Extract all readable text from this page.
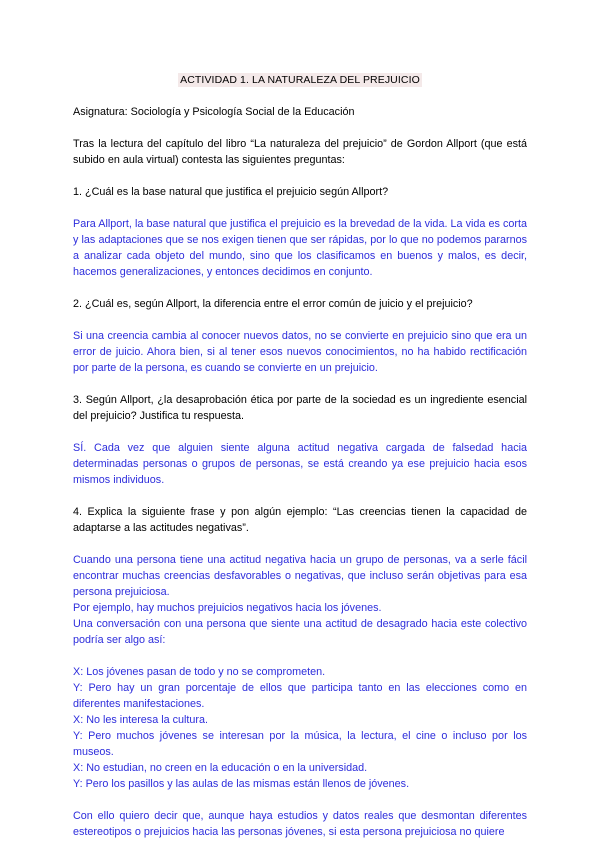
ACTIVIDAD 1. LA NATURALEZA DEL PREJUICIO

Asignatura: Sociología y Psicología Social de la Educación

Tras la lectura del capítulo del libro “La naturaleza del prejuicio” de Gordon Allport (que está subido en aula virtual) contesta las siguientes preguntas:

1. ¿Cuál es la base natural que justifica el prejuicio según Allport?

Para Allport, la base natural que justifica el prejuicio es la brevedad de la vida. La vida es corta y las adaptaciones que se nos exigen tienen que ser rápidas, por lo que no podemos pararnos a analizar cada objeto del mundo, sino que los clasificamos en buenos y malos, es decir, hacemos generalizaciones, y entonces decidimos en conjunto.

2. ¿Cuál es, según Allport, la diferencia entre el error común de juicio y el prejuicio?

Si una creencia cambia al conocer nuevos datos, no se convierte en prejuicio sino que era un error de juicio. Ahora bien, si al tener esos nuevos conocimientos, no ha habido rectificación por parte de la persona, es cuando se convierte en un prejuicio.

3. Según Allport, ¿la desaprobación ética por parte de la sociedad es un ingrediente esencial del prejuicio? Justifica tu respuesta.

SÍ. Cada vez que alguien siente alguna actitud negativa cargada de falsedad hacia determinadas personas o grupos de personas, se está creando ya ese prejuicio hacia esos mismos individuos.

4. Explica la siguiente frase y pon algún ejemplo: “Las creencias tienen la capacidad de adaptarse a las actitudes negativas”.

Cuando una persona tiene una actitud negativa hacia un grupo de personas, va a serle fácil encontrar muchas creencias desfavorables o negativas, que incluso serán objetivas para esa persona prejuiciosa.

Por ejemplo, hay muchos prejuicios negativos hacia los jóvenes.

Una conversación con una persona que siente una actitud de desagrado hacia este colectivo podría ser algo así:

X: Los jóvenes pasan de todo y no se comprometen.

Y: Pero hay un gran porcentaje de ellos que participa tanto en las elecciones como en diferentes manifestaciones.

X: No les interesa la cultura.

Y: Pero muchos jóvenes se interesan por la música, la lectura, el cine o incluso por los museos.

X: No estudian, no creen en la educación o en la universidad.

Y: Pero los pasillos y las aulas de las mismas están llenos de jóvenes.

Con ello quiero decir que, aunque haya estudios y datos reales que desmontan diferentes estereotipos o prejuicios hacia las personas jóvenes, si esta persona prejuiciosa no quiere
